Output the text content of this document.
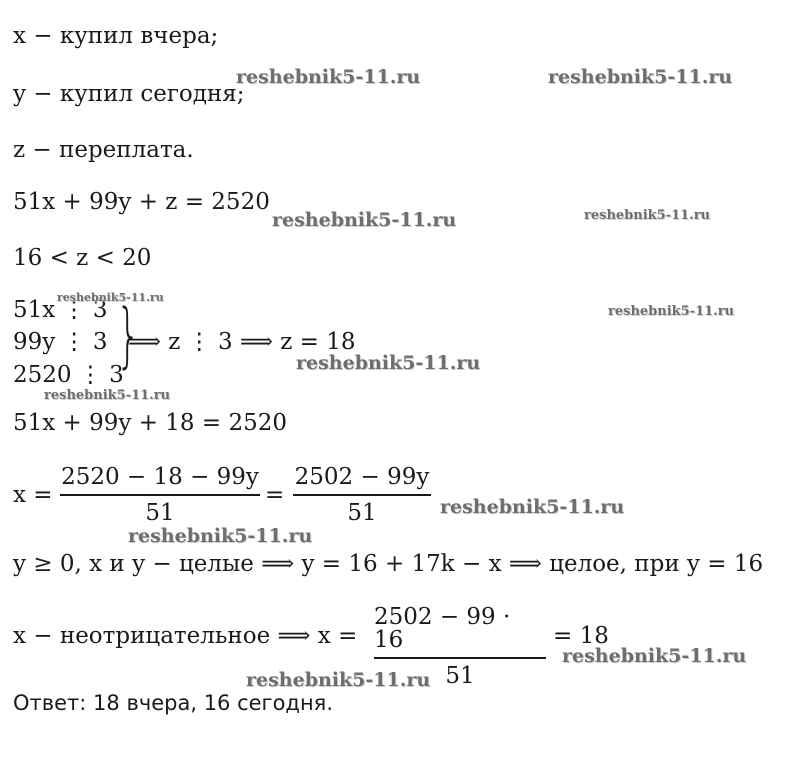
x − купил вчера;
y − купил сегодня;
z − переплата.
51x + 99y + z = 2520
16 < z < 20
51x ⋮ 3
99y ⋮ 3
2520 ⋮ 3
}
⟹ z ⋮ 3 ⟹ z = 18
51x + 99y + 18 = 2520
x =
2520 − 18 − 99y
51
=
2502 − 99y
51
y ≥ 0, x и y − целые ⟹ y = 16 + 17k − x ⟹ целое, при y = 16
x − неотрицательное ⟹ x =
2502 − 99 · 16
51
= 18
Ответ: 18 вчера, 16 сегодня.
reshebnik5-11.ru	reshebnik5-11.ru
reshebnik5-11.ru	reshebnik5-11.ru
reshebnik5-11.ru
reshebnik5-11.ru
reshebnik5-11.ru
reshebnik5-11.ru
reshebnik5-11.ru
reshebnik5-11.ru
reshebnik5-11.ru
reshebnik5-11.ru
